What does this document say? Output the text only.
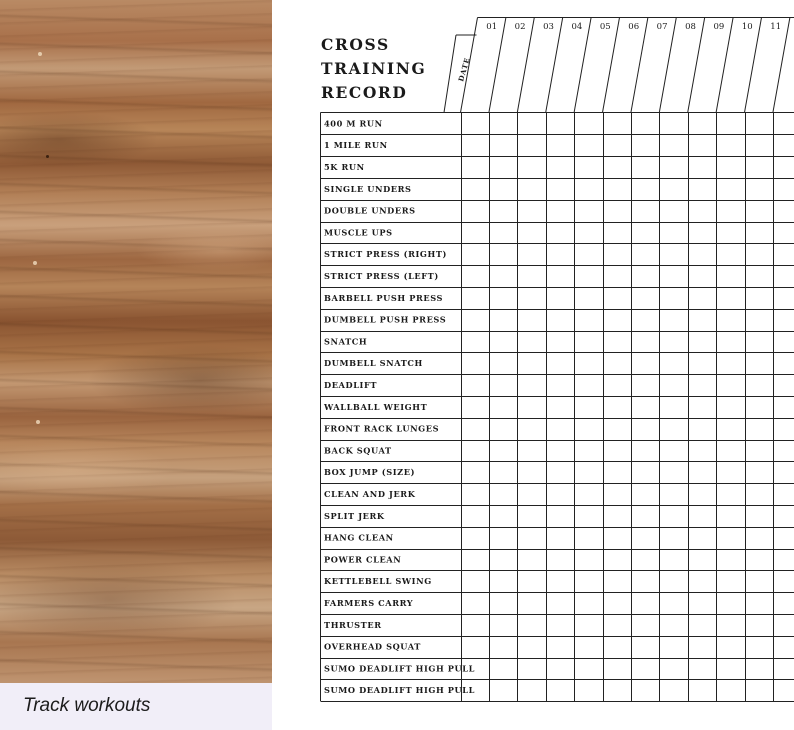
Track workouts
CROSS
TRAINING
RECORD
DATE
01 02 03 04 05 06 07 08 09 10 11
400 M RUN
1 MILE RUN
5K RUN
SINGLE UNDERS
DOUBLE UNDERS
MUSCLE UPS
STRICT PRESS (RIGHT)
STRICT PRESS (LEFT)
BARBELL PUSH PRESS
DUMBELL PUSH PRESS
SNATCH
DUMBELL SNATCH
DEADLIFT
WALLBALL WEIGHT
FRONT RACK LUNGES
BACK SQUAT
BOX JUMP (SIZE)
CLEAN AND JERK
SPLIT JERK
HANG CLEAN
POWER CLEAN
KETTLEBELL SWING
FARMERS CARRY
THRUSTER
OVERHEAD SQUAT
SUMO DEADLIFT HIGH PULL
SUMO DEADLIFT HIGH PULL
